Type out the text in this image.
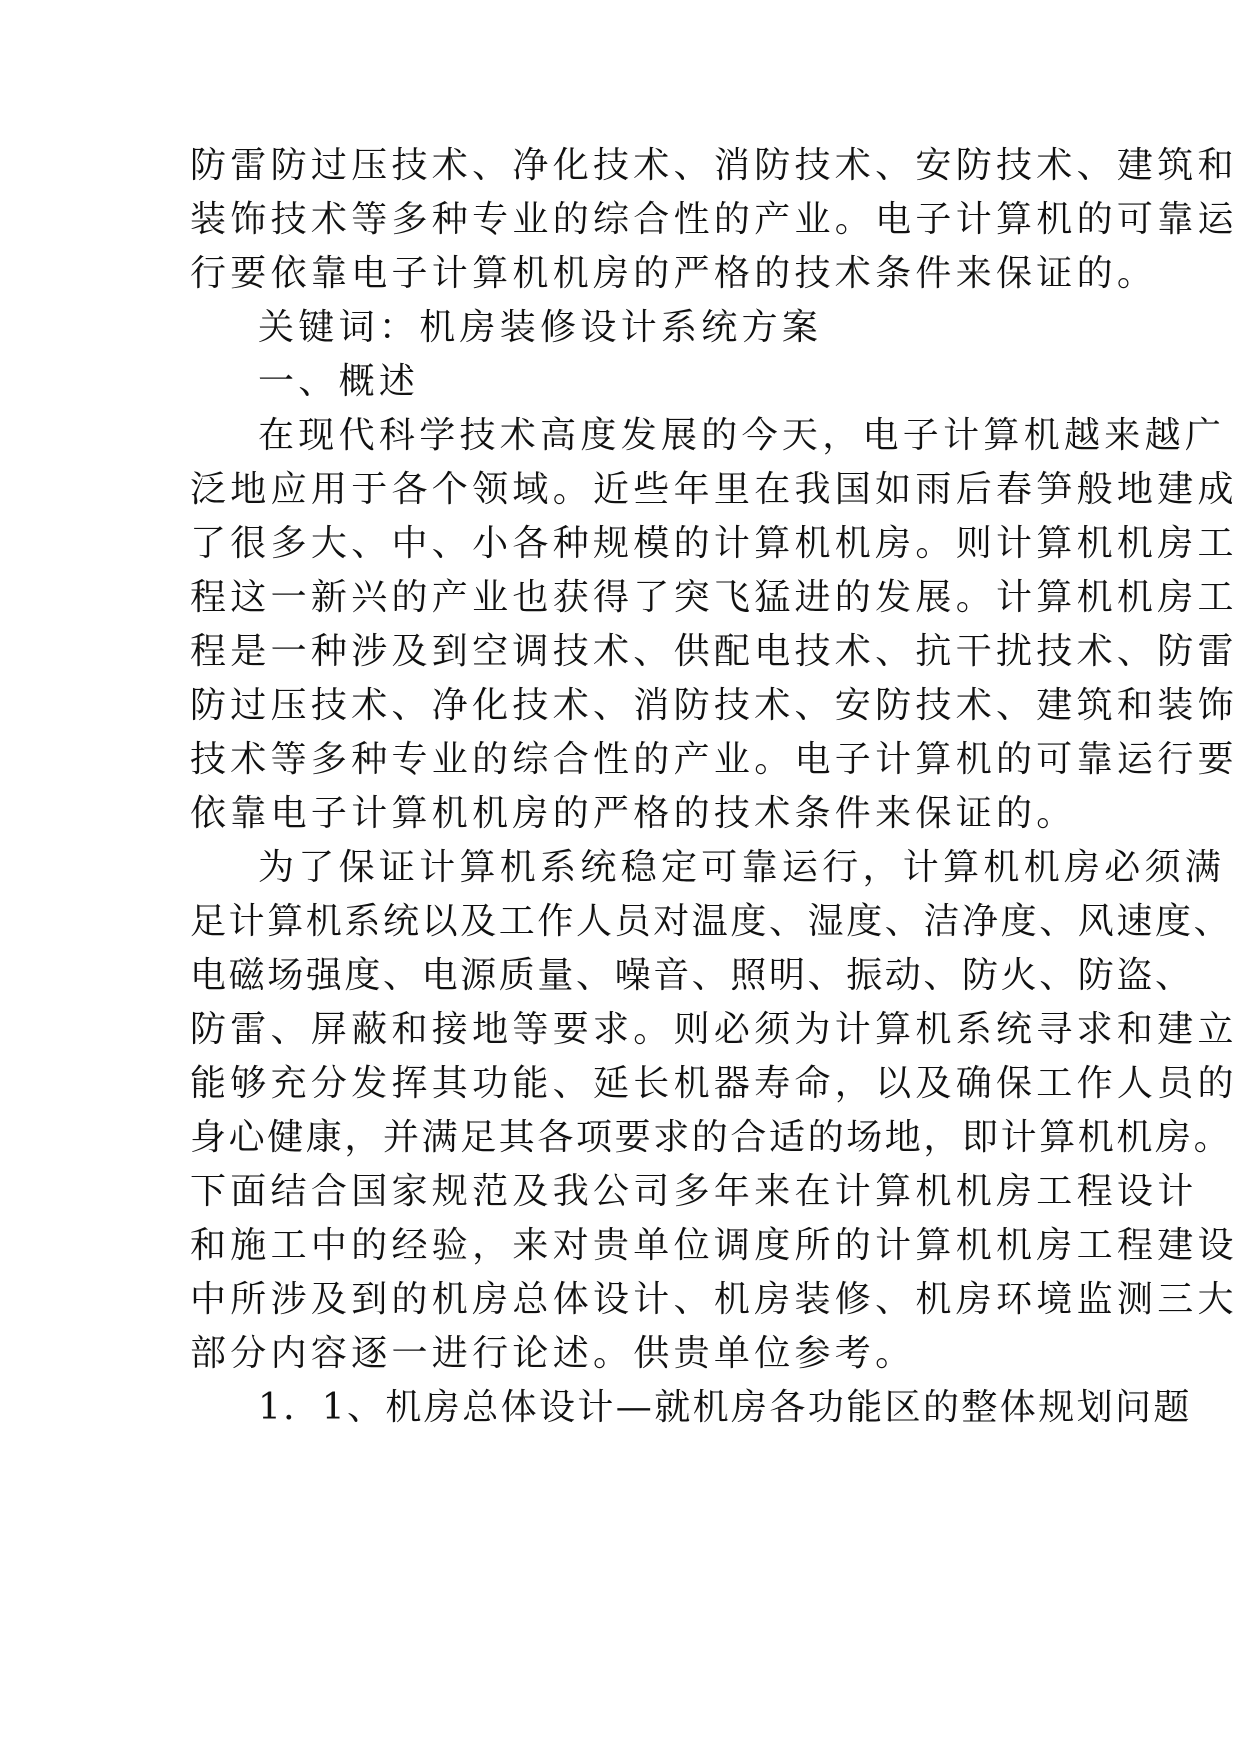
防雷防过压技术、净化技术、消防技术、安防技术、建筑和
装饰技术等多种专业的综合性的产业。电子计算机的可靠运
行要依靠电子计算机机房的严格的技术条件来保证的。
关键词：机房装修设计系统方案
一、概述
在现代科学技术高度发展的今天，电子计算机越来越广
泛地应用于各个领域。近些年里在我国如雨后春笋般地建成
了很多大、中、小各种规模的计算机机房。则计算机机房工
程这一新兴的产业也获得了突飞猛进的发展。计算机机房工
程是一种涉及到空调技术、供配电技术、抗干扰技术、防雷
防过压技术、净化技术、消防技术、安防技术、建筑和装饰
技术等多种专业的综合性的产业。电子计算机的可靠运行要
依靠电子计算机机房的严格的技术条件来保证的。
为了保证计算机系统稳定可靠运行，计算机机房必须满
足计算机系统以及工作人员对温度、湿度、洁净度、风速度、
电磁场强度、电源质量、噪音、照明、振动、防火、防盗、
防雷、屏蔽和接地等要求。则必须为计算机系统寻求和建立
能够充分发挥其功能、延长机器寿命，以及确保工作人员的
身心健康，并满足其各项要求的合适的场地，即计算机机房。
下面结合国家规范及我公司多年来在计算机机房工程设计
和施工中的经验，来对贵单位调度所的计算机机房工程建设
中所涉及到的机房总体设计、机房装修、机房环境监测三大
部分内容逐一进行论述。供贵单位参考。
1．1、机房总体设计—就机房各功能区的整体规划问题
